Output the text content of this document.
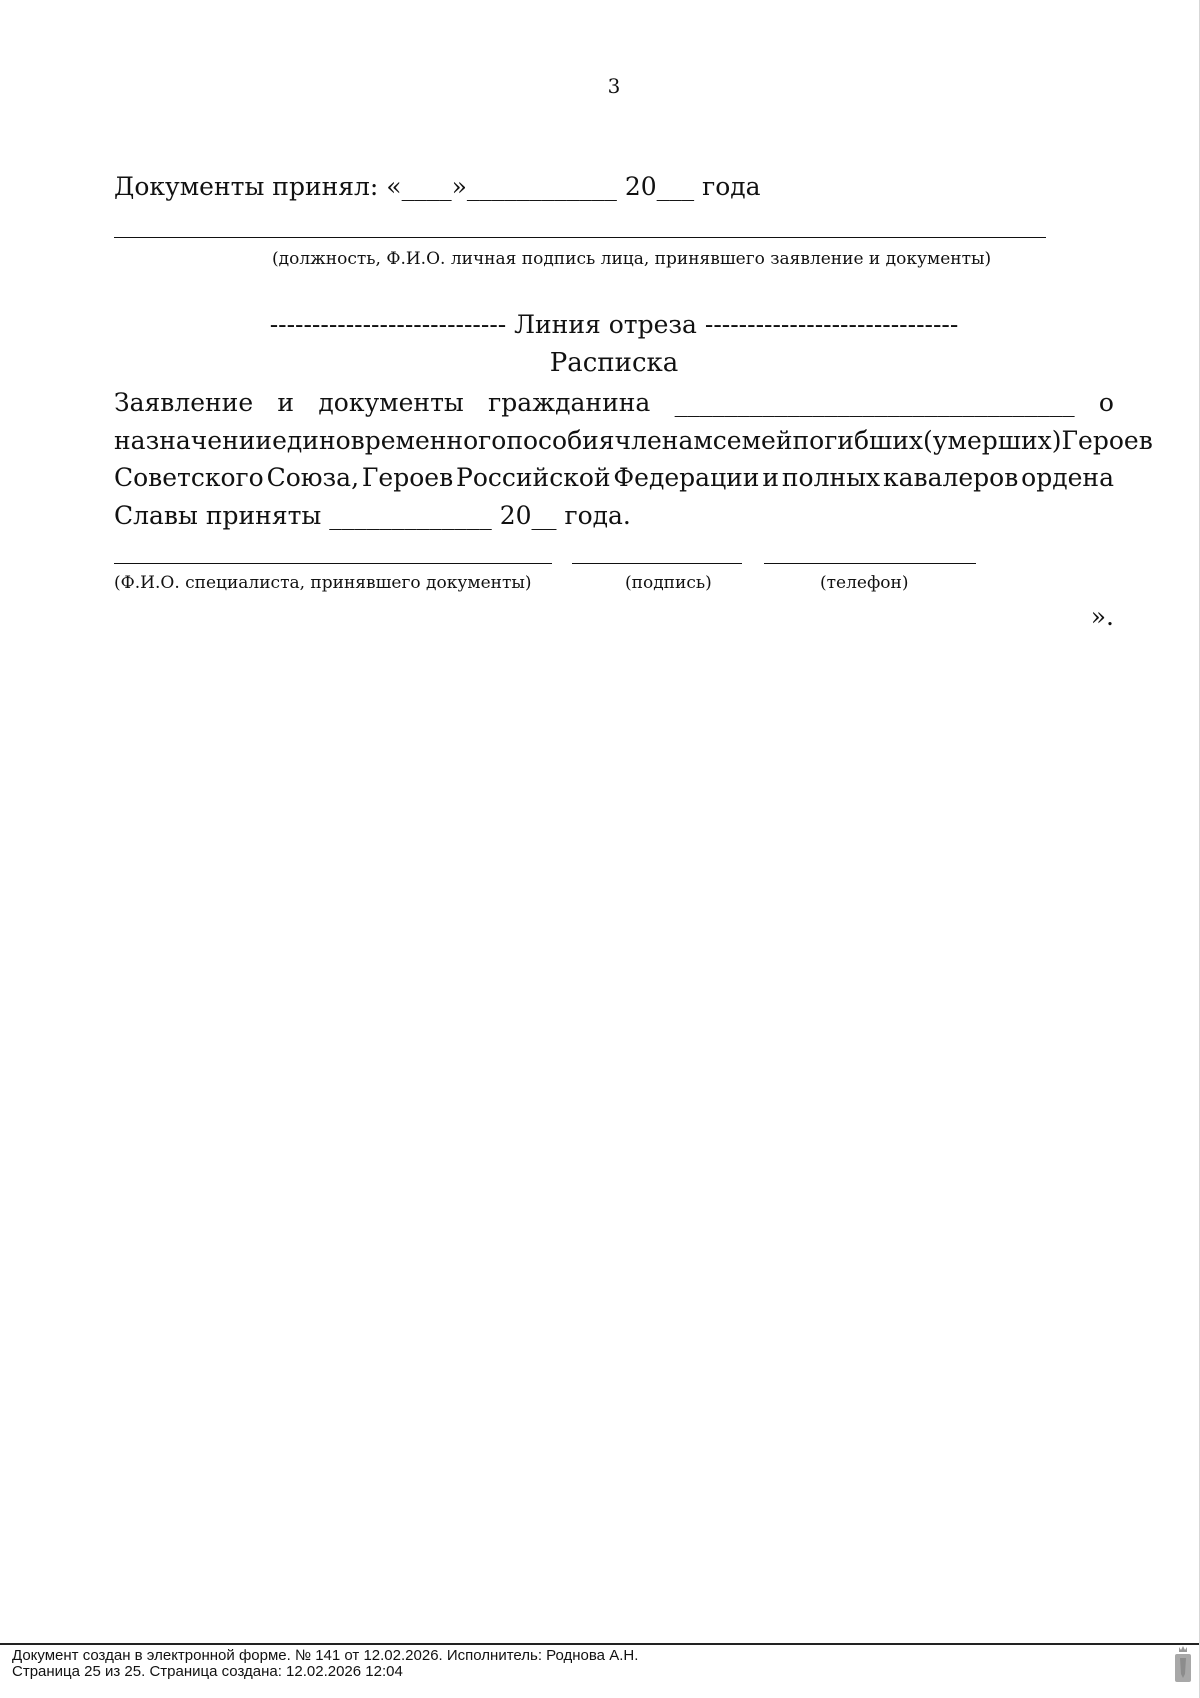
3
Документы принял: «____»____________ 20___ года
(должность, Ф.И.О. личная подпись лица, принявшего заявление и документы)
---------------------------- Линия отреза ------------------------------
Расписка
Заявление и документы гражданина ________________________________ о
назначении единовременного пособия членам семей погибших (умерших) Героев
Советского Союза, Героев Российской Федерации и полных кавалеров ордена
Славы приняты _____________ 20__ года.
(Ф.И.О. специалиста, принявшего документы)	(подпись)	(телефон)
».
Документ создан в электронной форме. № 141 от 12.02.2026. Исполнитель: Роднова А.Н.
Страница 25 из 25. Страница создана: 12.02.2026 12:04
